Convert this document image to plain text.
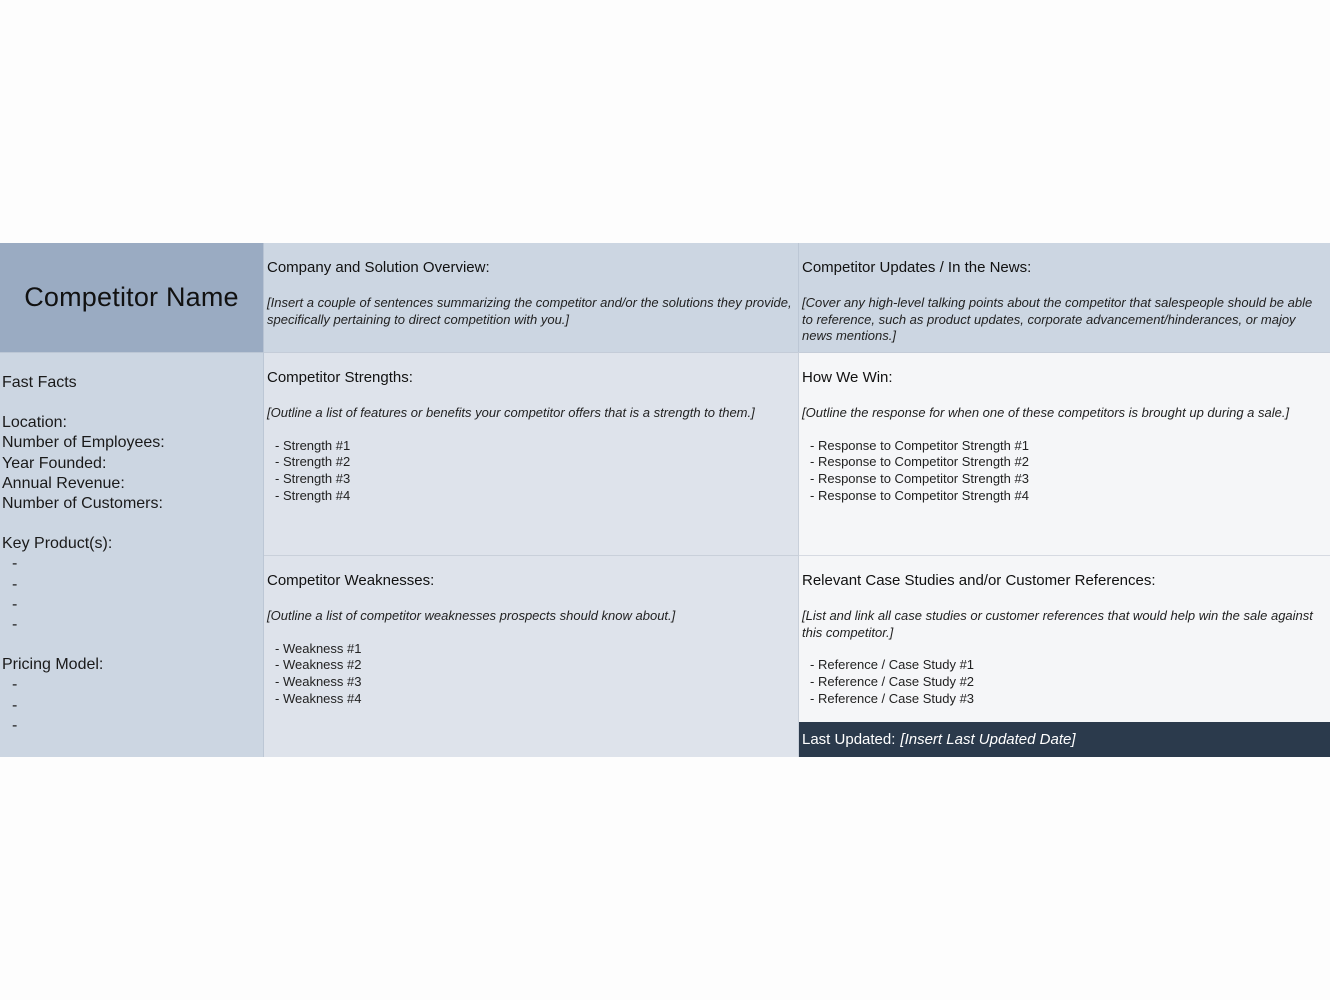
Competitor Name
Company and Solution Overview:

[Insert a couple of sentences summarizing the competitor and/or the solutions they provide, specifically pertaining to direct competition with you.]

Competitor Updates / In the News:

[Cover any high-level talking points about the competitor that salespeople should be able to reference, such as product updates, corporate advancement/hinderances, or majoy news mentions.]

Fast Facts
Location:
Number of Employees:
Year Founded:
Annual Revenue:
Number of Customers:
Key Product(s):
-
-
-
-
Pricing Model:
-
-
-
Competitor Strengths:

[Outline a list of features or benefits your competitor offers that is a strength to them.]

- Strength #1
- Strength #2
- Strength #3
- Strength #4
How We Win:

[Outline the response for when one of these competitors is brought up during a sale.]

- Response to Competitor Strength #1
- Response to Competitor Strength #2
- Response to Competitor Strength #3
- Response to Competitor Strength #4
Competitor Weaknesses:

[Outline a list of competitor weaknesses prospects should know about.]

- Weakness #1
- Weakness #2
- Weakness #3
- Weakness #4
Relevant Case Studies and/or Customer References:

[List and link all case studies or customer references that would help win the sale against this competitor.]

- Reference / Case Study #1
- Reference / Case Study #2
- Reference / Case Study #3
Last Updated: [Insert Last Updated Date]
